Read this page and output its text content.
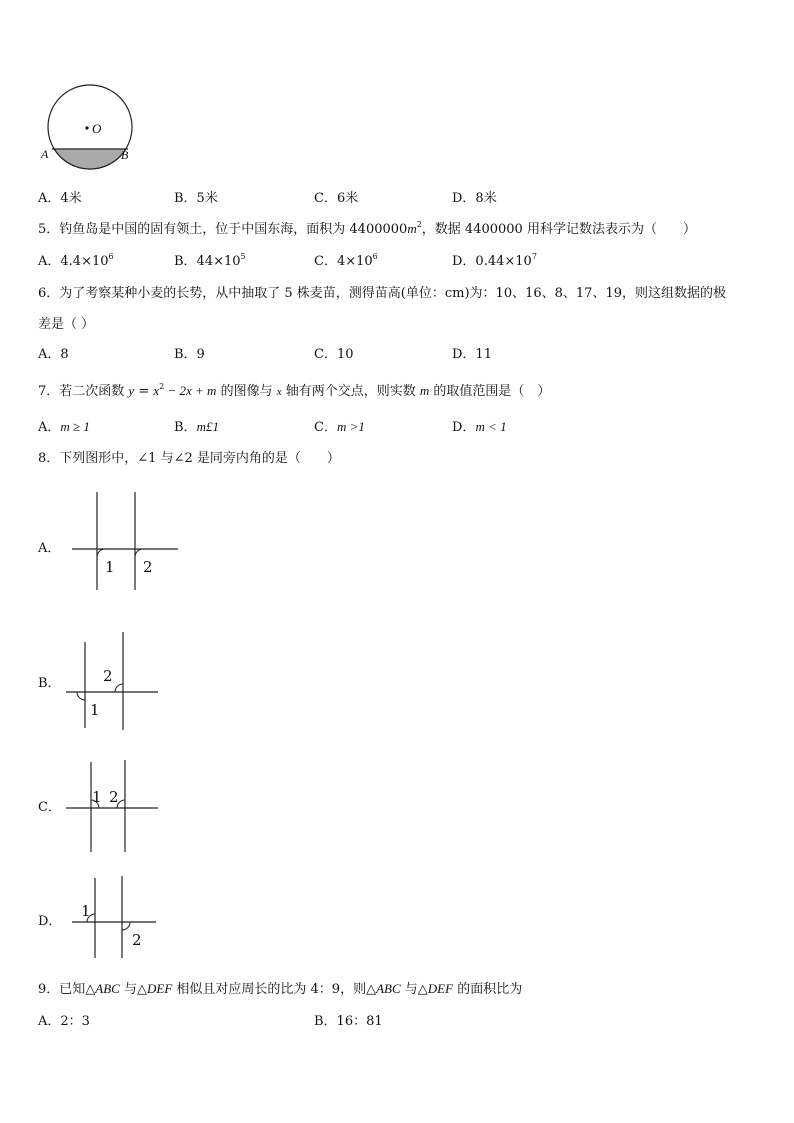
O
A	B
A．4米	B．5米	C．6米	D．8米
5．钓鱼岛是中国的固有领土，位于中国东海，面积为 $4400000m^2$，数据 4400000 用科学记数法表示为（　　）
A．$4.4\times 10^6$	B．$44\times 10^5$	C．$4\times 10^6$	D．$0.44\times 10^7$
6．为了考察某种小麦的长势，从中抽取了 5 株麦苗，测得苗高(单位：cm)为：10、16、8、17、19，则这组数据的极
差是（ ）
A．8	B．9	C．10	D．11
7．若二次函数 $y = x^2 - 2x + m$ 的图像与 x 轴有两个交点，则实数 m 的取值范围是（　）
A．m ≥ 1	B．m£1	C．m >1	D．m < 1
8．下列图形中，∠1 与∠2 是同旁内角的是（　　）
A．
1 2
B．
1
2
C．
1 2
D．
1
2
9．已知△ABC 与△DEF 相似且对应周长的比为 4：9，则△ABC 与△DEF 的面积比为
A．2：3	B．16：81
